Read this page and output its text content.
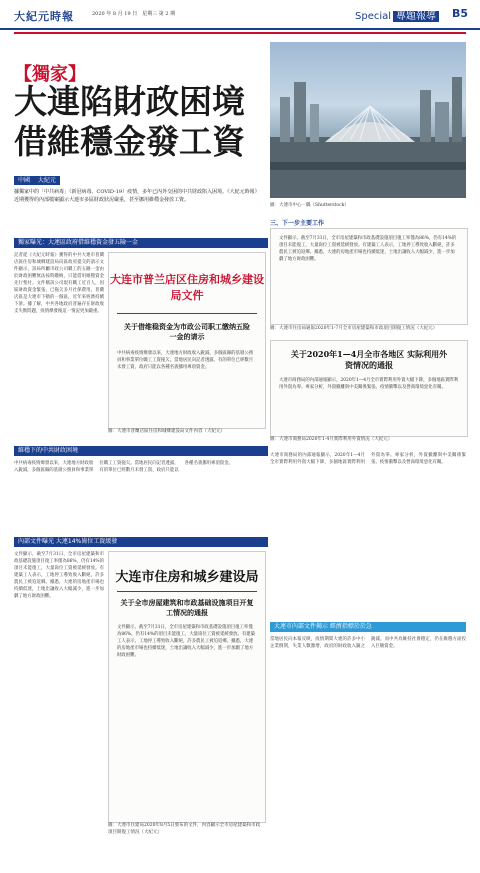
大紀元時報	2020 年 8 月 19 日　星期三 第 2 期	Special 專題報導 B5
【獨家】
大連陷財政困境借維穩金發工資
圖：大連市中心一隅（Shutterstock）
中國　 大紀元
據獨家中的「中共病毒」（新冠病毒、COVID-19）疫情，多年已內外交困的中共財政陷入困境。《大紀元時報》近期獲得的內部檔案顯示大連市多區財政狀況嚴重，甚至挪用維穩金發放工資。
獨家曝光：大連區政府借維穩資金發五險一金
記者從《大紀元時報》獲得的中共大連市普蘭店區住房和城鄉建設局向區政府提交的請示文件顯示，該局所屬市政公司職工的五險一金由於財政困難無法按時繳納，只能借用維穩資金先行墊付。文件稱該公司現有職工近百人，因區財政資金緊張，已拖欠多月社保費用。普蘭店區是大連市下轄的一個區，近年來經濟持續下滑。據了解，中共各地政府普遍存在財政收支失衡問題，疫情爆發後這一情況更加嚴重。
大连市普兰店区住房和城乡建设局文件
关于借维稳资金为市政公司职工缴纳五险一金的请示
中共病毒疫情爆發以來，大連地方財政收入銳減，多個區縣的基層公務員和事業單位職工工資拖欠。當地居民向記者透露，有的單位已經數月未發工資，政府只能以各種名義挪用專項資金。
圖：大連市普蘭店區住房和城鄉建設局文件內容（大紀元）
維穩下的中共財政困境
中共病毒疫情爆發以來，大連地方財政收入銳減，多個區縣的基層公務員和事業單位職工工資拖欠。當地居民向記者透露，有的單位已經數月未發工資，政府只能以各種名義挪用專項資金。
內部文件曝光 大連14%崗位工資緩發
文件顯示，截至7月31日，全市房屋建築和市政基礎設施項目復工率僅為86%，仍有14%的項目未能復工，大量崗位工資被延緩發放。有建築工人表示，工地停工導致收入斷絕，許多農民工被迫返鄉。據悉，大連的房地產市場也持續低迷，土地出讓收入大幅減少，進一步加劇了地方財政困難。
大连市住房和城乡建设局
关于全市房屋建筑和市政基础设施项目开复工情况的通报
文件顯示，截至7月31日，全市房屋建築和市政基礎設施項目復工率僅為86%，仍有14%的項目未能復工，大量崗位工資被延緩發放。有建築工人表示，工地停工導致收入斷絕，許多農民工被迫返鄉。據悉，大連的房地產市場也持續低迷，土地出讓收入大幅減少，進一步加劇了地方財政困難。
圖：大連市住建局2020年8月5日發布的文件，內容顯示全市房屋建築和市政項目開復工情況（大紀元）
三、下一步主要工作
文件顯示，截至7月31日，全市房屋建築和市政基礎設施項目復工率僅為86%，仍有14%的項目未能復工，大量崗位工資被延緩發放。有建築工人表示，工地停工導致收入斷絕，許多農民工被迫返鄉。據悉，大連的房地產市場也持續低迷，土地出讓收入大幅減少，進一步加劇了地方財政困難。
圖：大連市住房局通報2020年1-7月全市房屋建築和市政項目開復工情況（大紀元）
关于2020年1—4月全市各地区 实际利用外资情况的通报
大連市商務局的內部通報顯示，2020年1—4月全市實際利用外資大幅下降，多個地區實際利用外資為零。專家分析，外資撤離與中美關係緊張、疫情衝擊以及營商環境惡化有關。
圖：大連市商務局2020年1-4月實際利用外資情況（大紀元）
大連市商務局的內部通報顯示，2020年1—4月全市實際利用外資大幅下降，多個地區實際利用外資為零。專家分析，外資撤離與中美關係緊張、疫情衝擊以及營商環境惡化有關。
大連市內部文件揭示 經濟指標於於急
當地居民向本報反映，疫情期間大連的許多中小企業倒閉，失業人數激增，政府的財政收入隨之銳減。而中共為維持社會穩定，仍在維穩方面投入巨額資金。
